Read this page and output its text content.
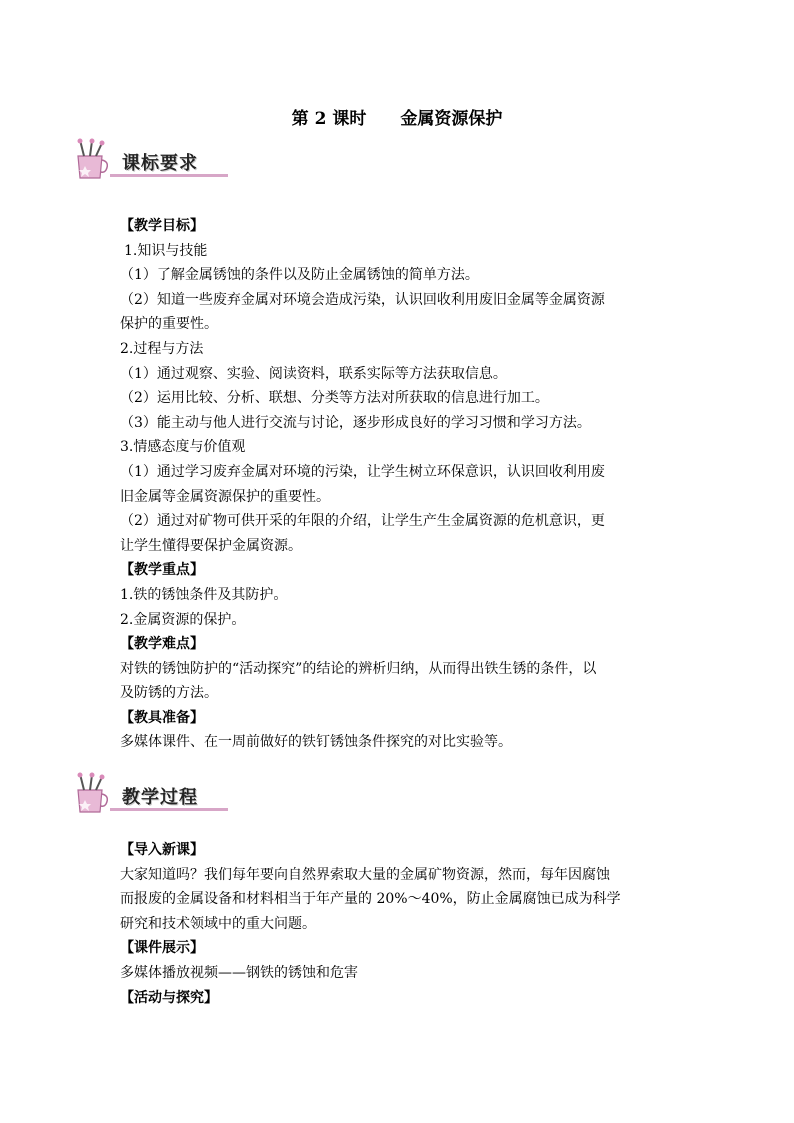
第 2 课时 金属资源保护
课标要求

【教学目标】

1.知识与技能

（1）了解金属锈蚀的条件以及防止金属锈蚀的简单方法。

（2）知道一些废弃金属对环境会造成污染，认识回收利用废旧金属等金属资源

保护的重要性。

2.过程与方法

（1）通过观察、实验、阅读资料，联系实际等方法获取信息。

（2）运用比较、分析、联想、分类等方法对所获取的信息进行加工。

（3）能主动与他人进行交流与讨论，逐步形成良好的学习习惯和学习方法。

3.情感态度与价值观

（1）通过学习废弃金属对环境的污染，让学生树立环保意识，认识回收利用废

旧金属等金属资源保护的重要性。

（2）通过对矿物可供开采的年限的介绍，让学生产生金属资源的危机意识，更

让学生懂得要保护金属资源。

【教学重点】

1.铁的锈蚀条件及其防护。

2.金属资源的保护。

【教学难点】

对铁的锈蚀防护的“活动探究”的结论的辨析归纳，从而得出铁生锈的条件，以

及防锈的方法。

【教具准备】

多媒体课件、在一周前做好的铁钉锈蚀条件探究的对比实验等。

教学过程

【导入新课】

大家知道吗？我们每年要向自然界索取大量的金属矿物资源，然而，每年因腐蚀

而报废的金属设备和材料相当于年产量的 20%～40%，防止金属腐蚀已成为科学

研究和技术领域中的重大问题。

【课件展示】

多媒体播放视频——钢铁的锈蚀和危害

【活动与探究】
